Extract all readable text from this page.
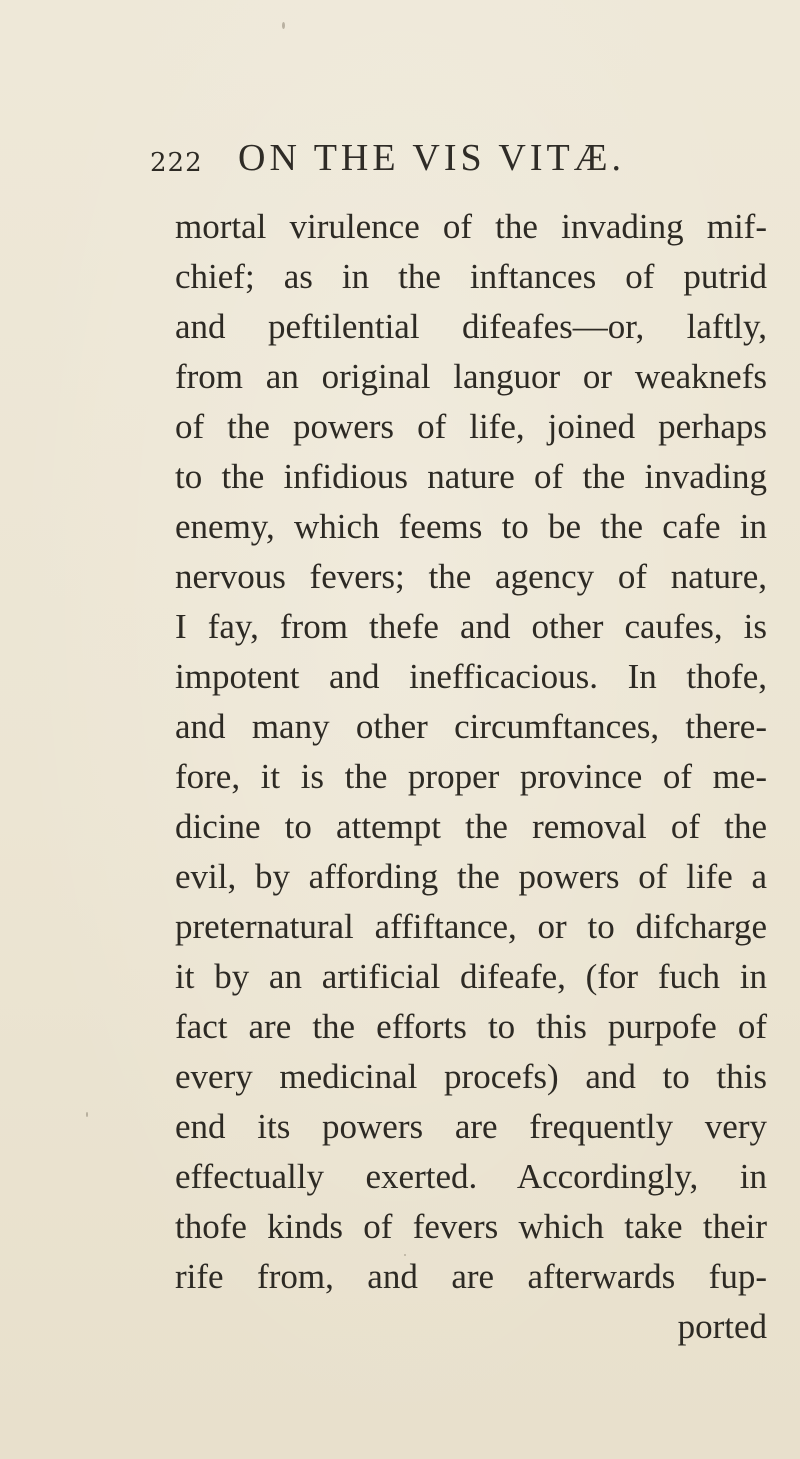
222 ON THE VIS VITÆ.
mortal virulence of the invading mif-
chief; as in the inftances of putrid
and peftilential difeafes—or, laftly,
from an original languor or weaknefs
of the powers of life, joined perhaps
to the infidious nature of the invading
enemy, which feems to be the cafe in
nervous fevers; the agency of nature,
I fay, from thefe and other caufes, is
impotent and inefficacious. In thofe,
and many other circumftances, there-
fore, it is the proper province of me-
dicine to attempt the removal of the
evil, by affording the powers of life a
preternatural affiftance, or to difcharge
it by an artificial difeafe, (for fuch in
fact are the efforts to this purpofe of
every medicinal procefs) and to this
end its powers are frequently very
effectually exerted. Accordingly, in
thofe kinds of fevers which take their
rife from, and are afterwards fup-
ported
